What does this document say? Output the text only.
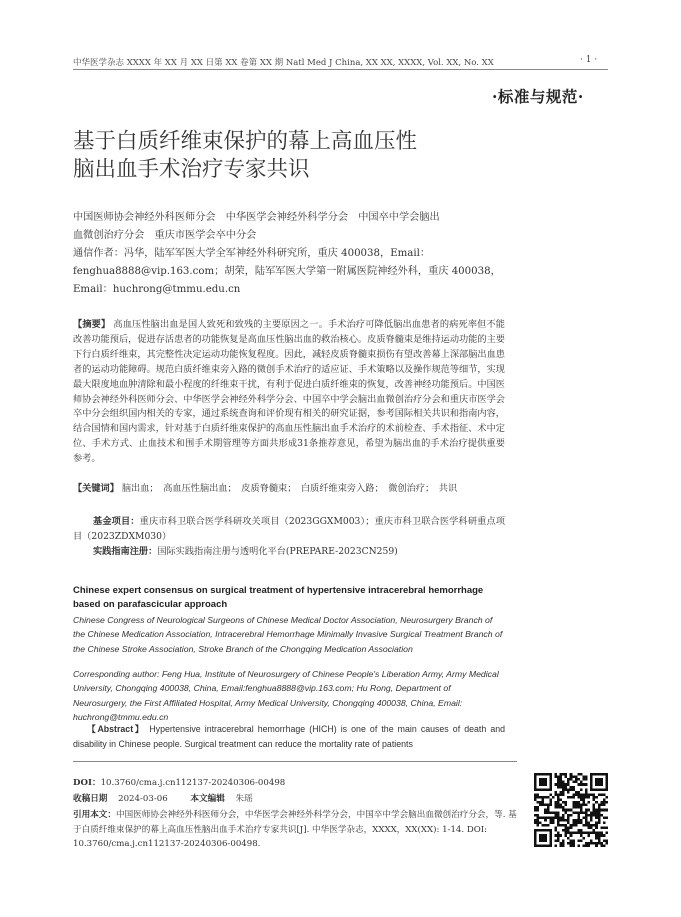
中华医学杂志 XXXX 年 XX 月 XX 日第 XX 卷第 XX 期 Natl Med J China, XX XX, XXXX, Vol. XX, No. XX	· 1 ·
·标准与规范·
基于白质纤维束保护的幕上高血压性
脑出血手术治疗专家共识
中国医师协会神经外科医师分会　中华医学会神经外科学分会　中国卒中学会脑出
血微创治疗分会　重庆市医学会卒中分会
通信作者：冯华，陆军军医大学全军神经外科研究所，重庆 400038，Email：
fenghua8888@vip.163.com；胡荣，陆军军医大学第一附属医院神经外科，重庆 400038，
Email：huchrong@tmmu.edu.cn
【摘要】 高血压性脑出血是国人致死和致残的主要原因之一。手术治疗可降低脑出血患者的病死率但不能改善功能预后，促进存活患者的功能恢复是高血压性脑出血的救治核心。皮质脊髓束是维持运动功能的主要下行白质纤维束，其完整性决定运动功能恢复程度。因此，减轻皮质脊髓束损伤有望改善幕上深部脑出血患者的运动功能障碍。规范白质纤维束旁入路的微创手术治疗的适应证、手术策略以及操作规范等细节，实现最大限度地血肿清除和最小程度的纤维束干扰，有利于促进白质纤维束的恢复，改善神经功能预后。中国医师协会神经外科医师分会、中华医学会神经外科学分会、中国卒中学会脑出血微创治疗分会和重庆市医学会卒中分会组织国内相关的专家，通过系统查询和评价现有相关的研究证据，参考国际相关共识和指南内容，结合国情和国内需求，针对基于白质纤维束保护的高血压性脑出血手术治疗的术前检查、手术指征、术中定位、手术方式、止血技术和围手术期管理等方面共形成31条推荐意见，希望为脑出血的手术治疗提供重要参考。
【关键词】 脑出血；　高血压性脑出血；　皮质脊髓束；　白质纤维束旁入路；　微创治疗；　共识
基金项目：重庆市科卫联合医学科研攻关项目（2023GGXM003）；重庆市科卫联合医学科研重点项目（2023ZDXM030）
实践指南注册：国际实践指南注册与透明化平台(PREPARE-2023CN259)
Chinese expert consensus on surgical treatment of hypertensive intracerebral hemorrhage based on parafascicular approach
Chinese Congress of Neurological Surgeons of Chinese Medical Doctor Association, Neurosurgery Branch of the Chinese Medication Association, Intracerebral Hemorrhage Minimally Invasive Surgical Treatment Branch of the Chinese Stroke Association, Stroke Branch of the Chongqing Medication Association
Corresponding author: Feng Hua, Institute of Neurosurgery of Chinese People's Liberation Army, Army Medical University, Chongqing 400038, China, Email:fenghua8888@vip.163.com; Hu Rong, Department of Neurosurgery, the First Affiliated Hospital, Army Medical University, Chongqing 400038, China, Email: huchrong@tmmu.edu.cn
【Abstract】 Hypertensive intracerebral hemorrhage (HICH) is one of the main causes of death and disability in Chinese people. Surgical treatment can reduce the mortality rate of patients
DOI：10.3760/cma.j.cn112137-20240306-00498
收稿日期 2024-03-06	本文编辑 朱瑶
引用本文：中国医师协会神经外科医师分会，中华医学会神经外科学分会，中国卒中学会脑出血微创治疗分会，等. 基于白质纤维束保护的幕上高血压性脑出血手术治疗专家共识[J]. 中华医学杂志，XXXX，XX(XX): 1-14. DOI: 10.3760/cma.j.cn112137-20240306-00498.
